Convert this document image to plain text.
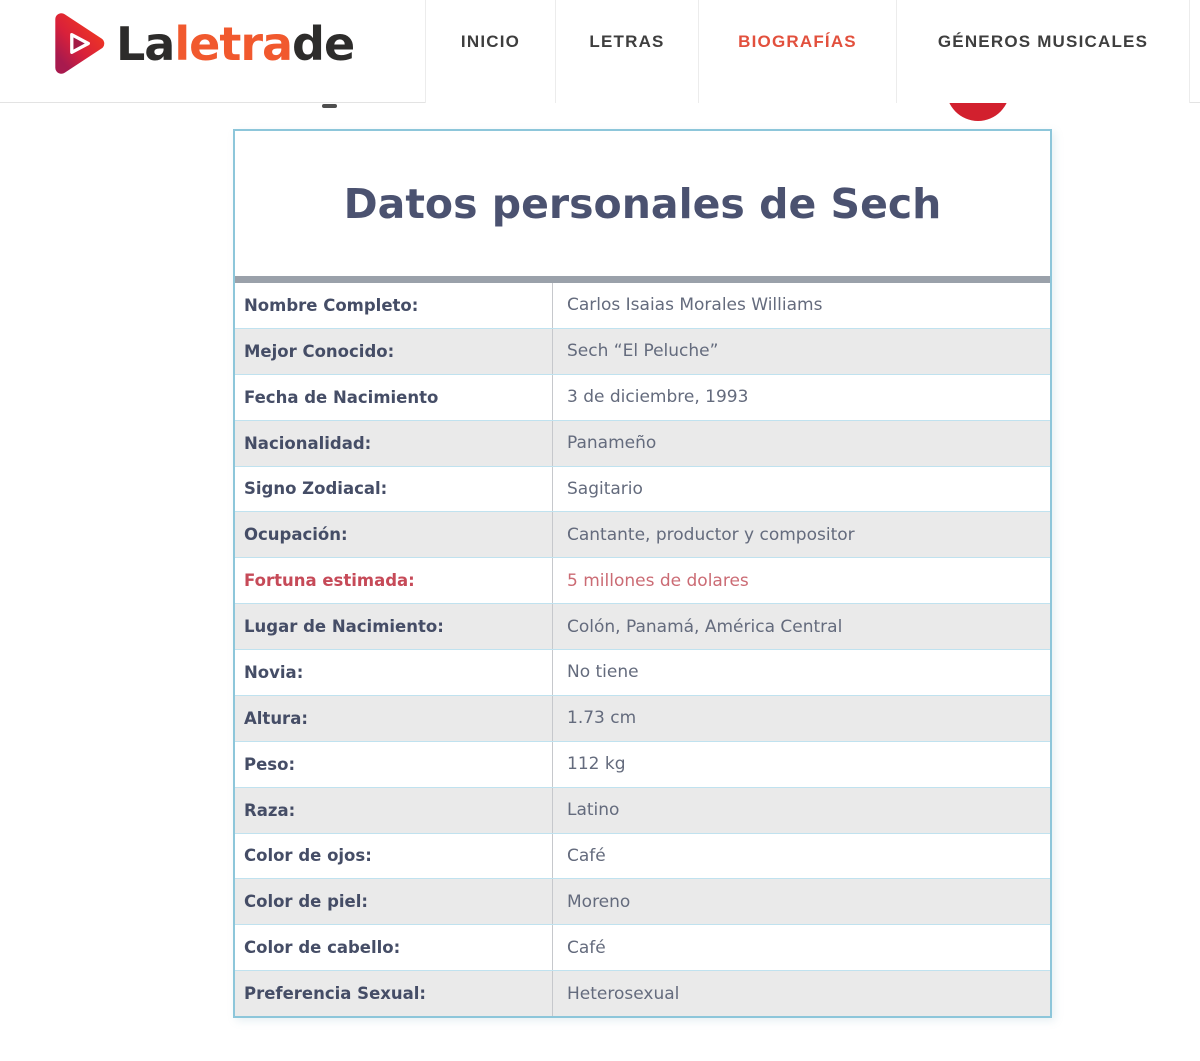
Laletrade	INICIO	LETRAS	BIOGRAFÍAS	GÉNEROS MUSICALES
Datos personales de Sech
Nombre Completo:	Carlos Isaias Morales Williams
Mejor Conocido:	Sech “El Peluche”
Fecha de Nacimiento	3 de diciembre, 1993
Nacionalidad:	Panameño
Signo Zodiacal:	Sagitario
Ocupación:	Cantante, productor y compositor
Fortuna estimada:	5 millones de dolares
Lugar de Nacimiento:	Colón, Panamá, América Central
Novia:	No tiene
Altura:	1.73 cm
Peso:	112 kg
Raza:	Latino
Color de ojos:	Café
Color de piel:	Moreno
Color de cabello:	Café
Preferencia Sexual:	Heterosexual
